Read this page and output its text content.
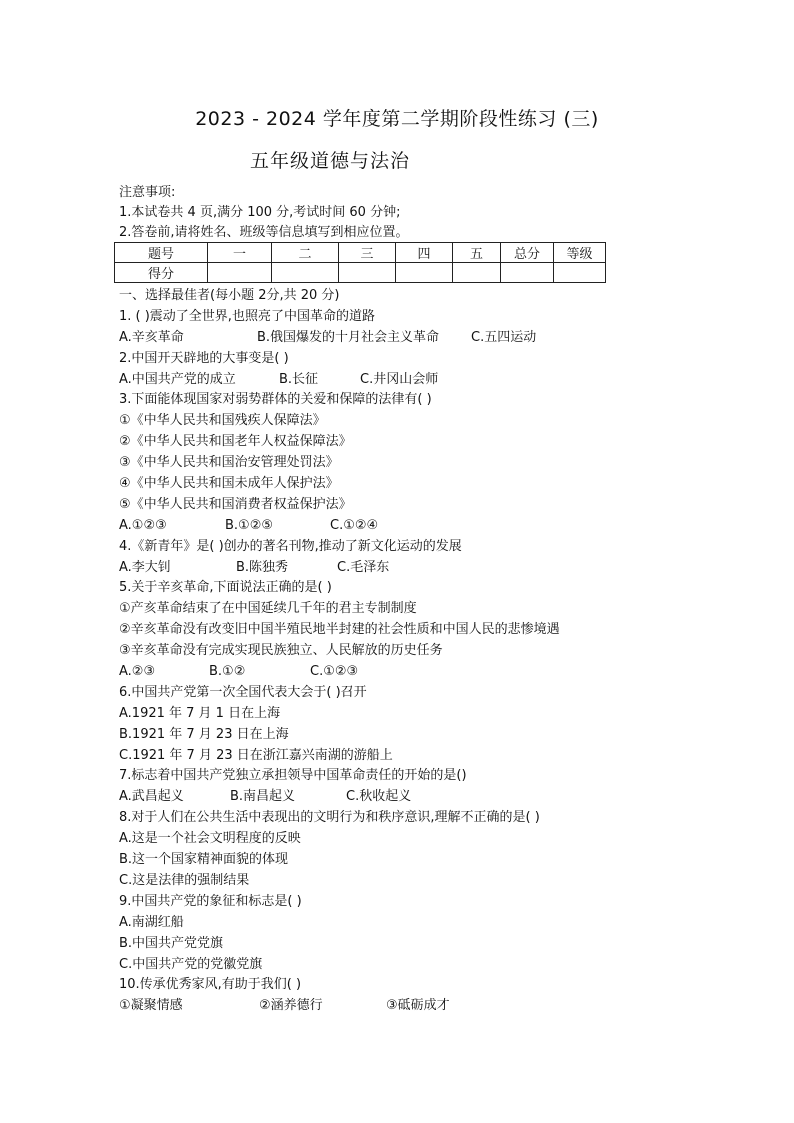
2023 - 2024 学年度第二学期阶段性练习 (三)
五年级道德与法治
注意事项:
1.本试卷共 4 页,满分 100 分,考试时间 60 分钟;
2.答卷前,请将姓名、班级等信息填写到相应位置。
题号	一	二	三	四	五	总分	等级
得分							
一、选择最佳者(每小题 2分,共 20 分)
1. ( )震动了全世界,也照亮了中国革命的道路
A.辛亥革命	B.俄国爆发的十月社会主义革命	C.五四运动
2.中国开天辟地的大事变是( )
A.中国共产党的成立	B.长征	C.井冈山会师
3.下面能体现国家对弱势群体的关爱和保障的法律有( )
①《中华人民共和国残疾人保障法》
②《中华人民共和国老年人权益保障法》
③《中华人民共和国治安管理处罚法》
④《中华人民共和国未成年人保护法》
⑤《中华人民共和国消费者权益保护法》
A.①②③	B.①②⑤	C.①②④
4.《新青年》是( )创办的著名刊物,推动了新文化运动的发展
A.李大钊	B.陈独秀	C.毛泽东
5.关于辛亥革命,下面说法正确的是( )
①产亥革命结束了在中国延续几千年的君主专制制度
②辛亥革命没有改变旧中国半殖民地半封建的社会性质和中国人民的悲惨境遇
③辛亥革命没有完成实现民族独立、人民解放的历史任务
A.②③	B.①②	C.①②③
6.中国共产党第一次全国代表大会于( )召开
A.1921 年 7 月 1 日在上海
B.1921 年 7 月 23 日在上海
C.1921 年 7 月 23 日在浙江嘉兴南湖的游船上
7.标志着中国共产党独立承担领导中国革命责任的开始的是()
A.武昌起义	B.南昌起义	C.秋收起义
8.对于人们在公共生活中表现出的文明行为和秩序意识,理解不正确的是( )
A.这是一个社会文明程度的反映
B.这一个国家精神面貌的体现
C.这是法律的强制结果
9.中国共产党的象征和标志是( )
A.南湖红船
B.中国共产党党旗
C.中国共产党的党徽党旗
10.传承优秀家风,有助于我们( )
①凝聚情感	②涵养德行	③砥砺成才
